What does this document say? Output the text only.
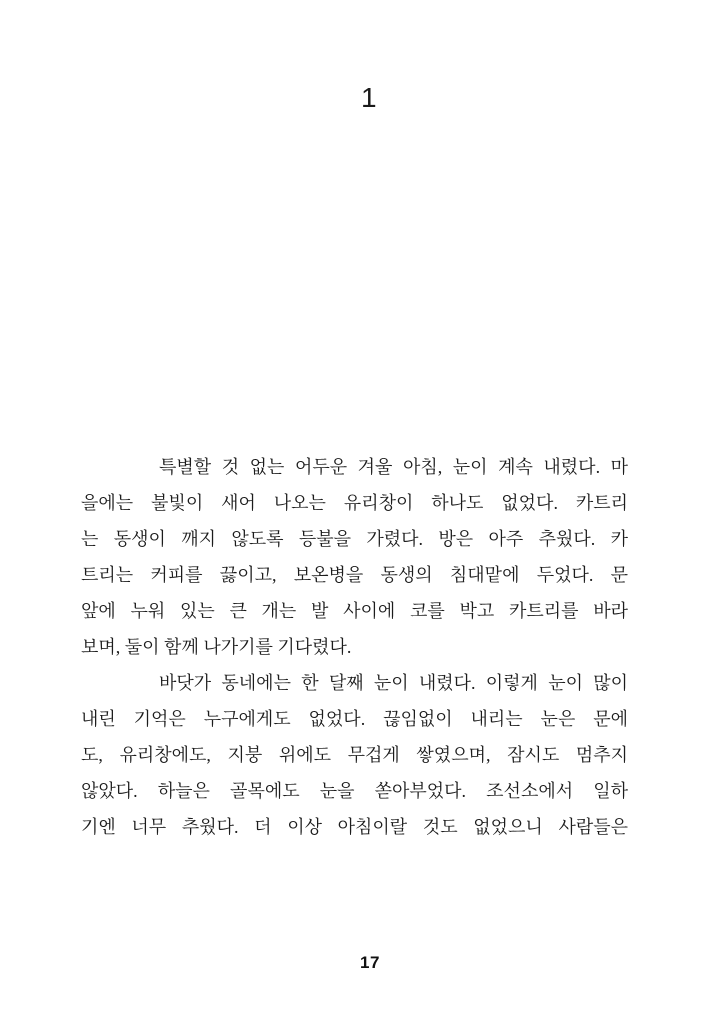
1
특별할 것 없는 어두운 겨울 아침, 눈이 계속 내렸다. 마
을에는 불빛이 새어 나오는 유리창이 하나도 없었다. 카트리
는 동생이 깨지 않도록 등불을 가렸다. 방은 아주 추웠다. 카
트리는 커피를 끓이고, 보온병을 동생의 침대맡에 두었다. 문
앞에 누워 있는 큰 개는 발 사이에 코를 박고 카트리를 바라
보며, 둘이 함께 나가기를 기다렸다.
바닷가 동네에는 한 달째 눈이 내렸다. 이렇게 눈이 많이
내린 기억은 누구에게도 없었다. 끊임없이 내리는 눈은 문에
도, 유리창에도, 지붕 위에도 무겁게 쌓였으며, 잠시도 멈추지
않았다. 하늘은 골목에도 눈을 쏟아부었다. 조선소에서 일하
기엔 너무 추웠다. 더 이상 아침이랄 것도 없었으니 사람들은
17
